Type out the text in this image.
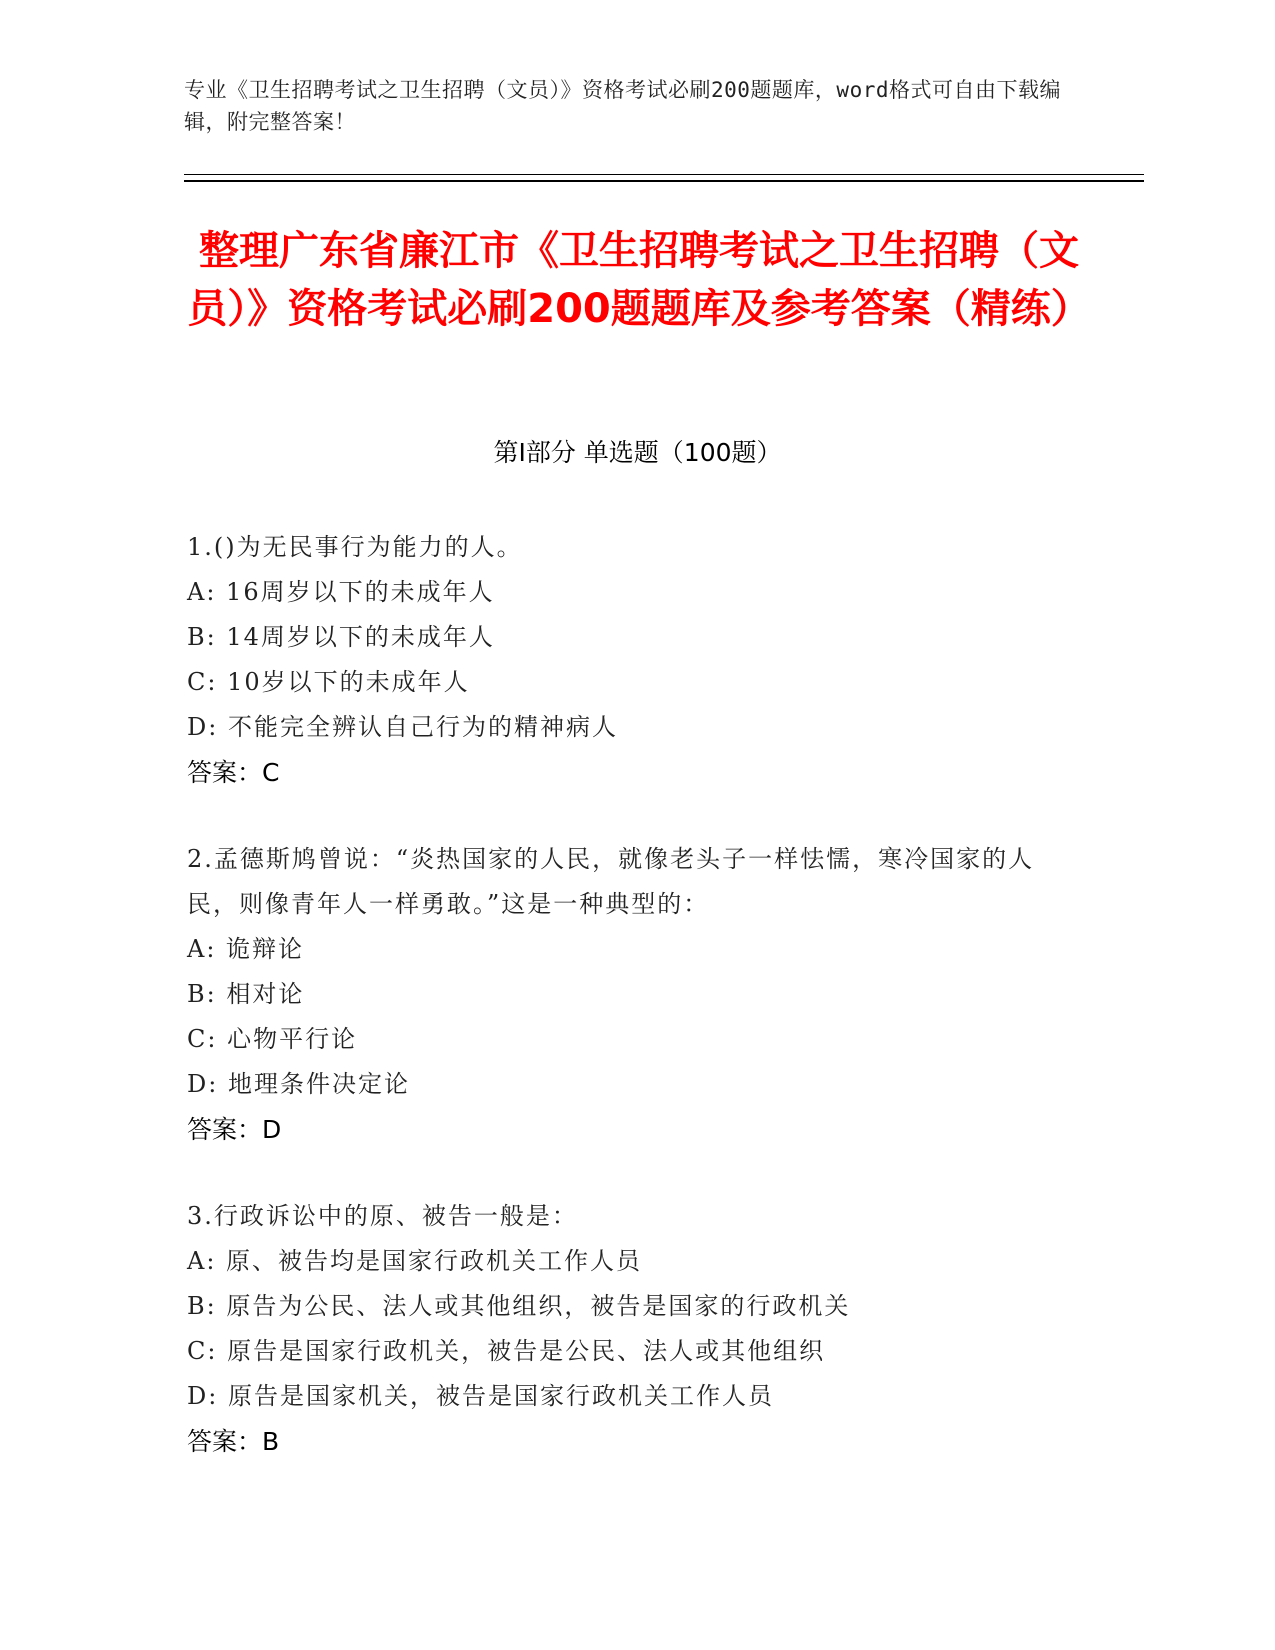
专业《卫生招聘考试之卫生招聘（文员）》资格考试必刷200题题库，word格式可自由下载编辑，附完整答案！
整理广东省廉江市《卫生招聘考试之卫生招聘（文员）》资格考试必刷200题题库及参考答案（精练）
第Ⅰ部分 单选题（100题）
1.()为无民事行为能力的人。
A: 16周岁以下的未成年人
B: 14周岁以下的未成年人
C: 10岁以下的未成年人
D: 不能完全辨认自己行为的精神病人
答案：C
2.孟德斯鸠曾说：“炎热国家的人民，就像老头子一样怯懦，寒冷国家的人民，则像青年人一样勇敢。”这是一种典型的：
A: 诡辩论
B: 相对论
C: 心物平行论
D: 地理条件决定论
答案：D
3.行政诉讼中的原、被告一般是：
A: 原、被告均是国家行政机关工作人员
B: 原告为公民、法人或其他组织，被告是国家的行政机关
C: 原告是国家行政机关，被告是公民、法人或其他组织
D: 原告是国家机关，被告是国家行政机关工作人员
答案：B
